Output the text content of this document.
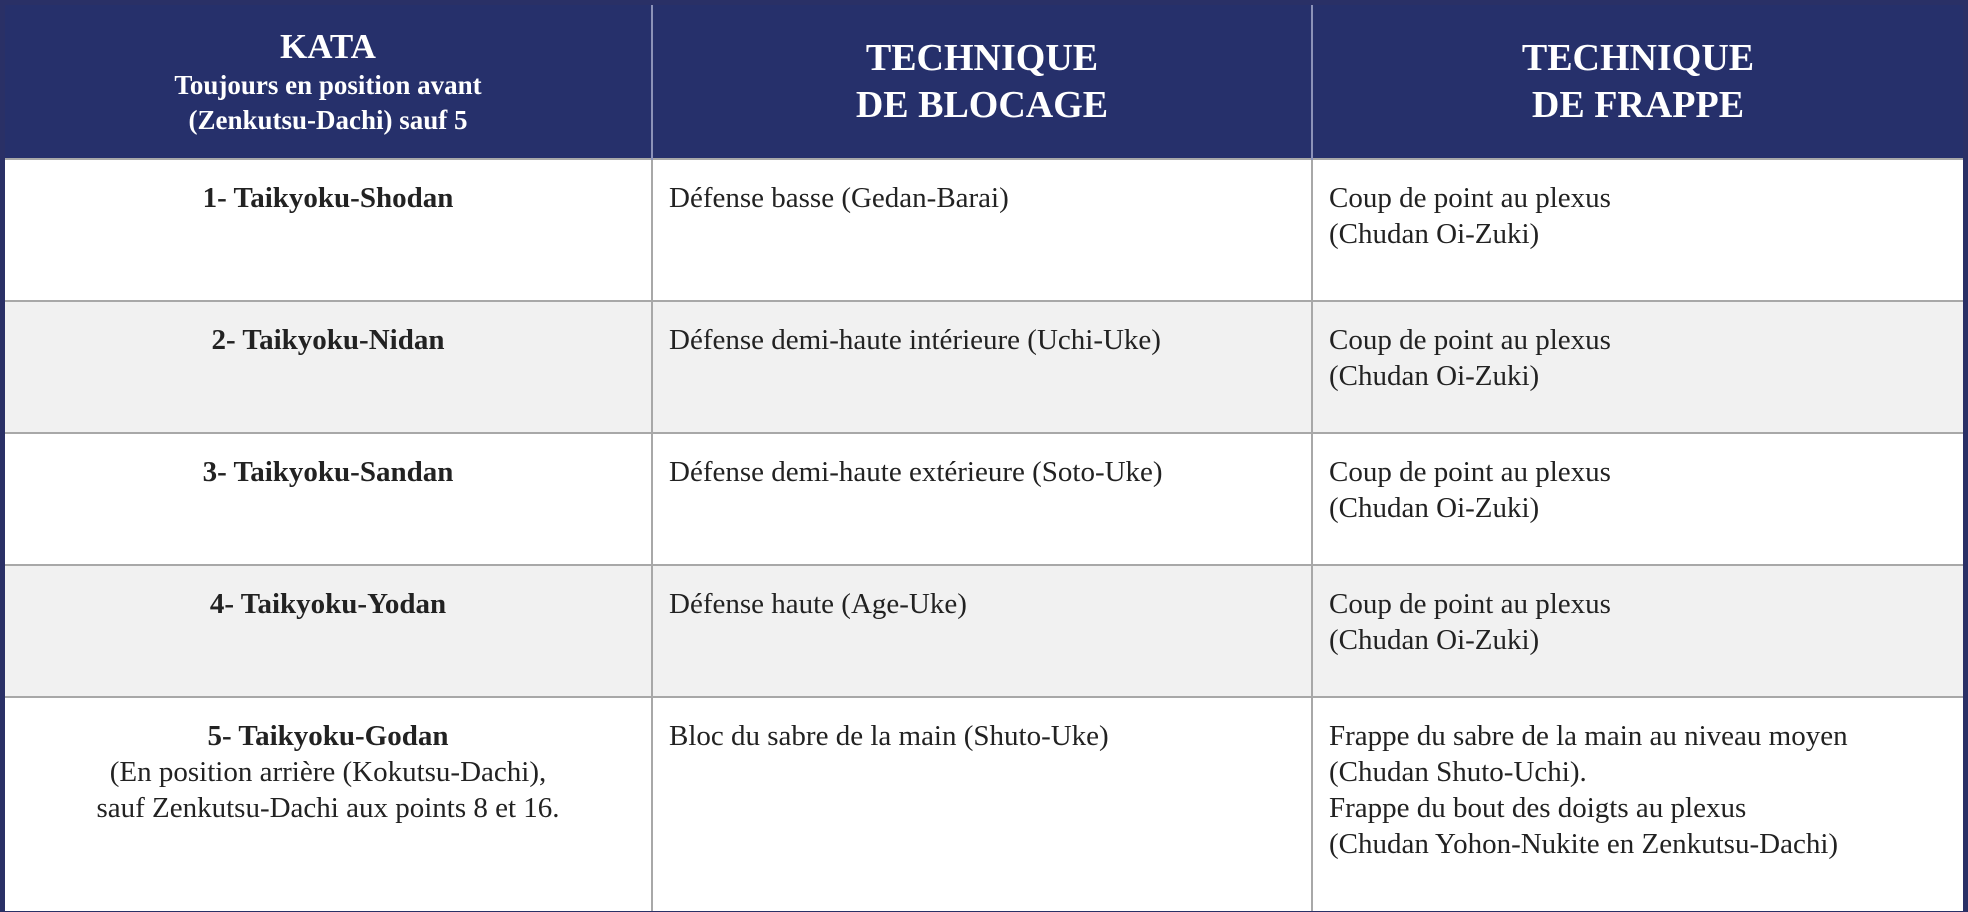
KATA
Toujours en position avant
(Zenkutsu-Dachi) sauf 5	TECHNIQUE
DE BLOCAGE	TECHNIQUE
DE FRAPPE

1- Taikyoku-Shodan	Défense basse (Gedan-Barai)	Coup de point au plexus
(Chudan Oi-Zuki)

2- Taikyoku-Nidan	Défense demi-haute intérieure (Uchi-Uke)	Coup de point au plexus
(Chudan Oi-Zuki)

3- Taikyoku-Sandan	Défense demi-haute extérieure (Soto-Uke)	Coup de point au plexus
(Chudan Oi-Zuki)

4- Taikyoku-Yodan	Défense haute (Age-Uke)	Coup de point au plexus
(Chudan Oi-Zuki)

5- Taikyoku-Godan
(En position arrière (Kokutsu-Dachi),
sauf Zenkutsu-Dachi aux points 8 et 16.	Bloc du sabre de la main (Shuto-Uke)	Frappe du sabre de la main au niveau moyen
(Chudan Shuto-Uchi).
Frappe du bout des doigts au plexus
(Chudan Yohon-Nukite en Zenkutsu-Dachi)
